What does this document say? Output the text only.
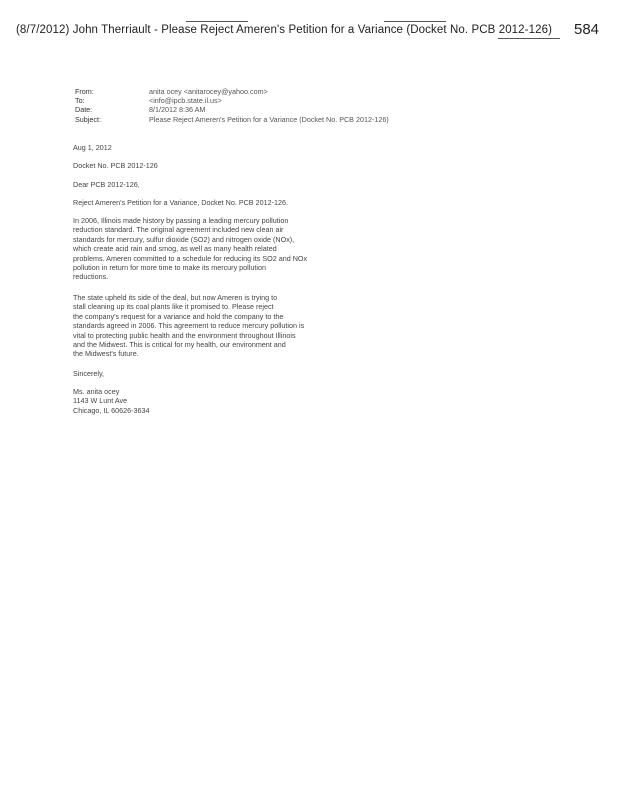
(8/7/2012) John Therriault - Please Reject Ameren's Petition for a Variance (Docket No. PCB 2012-126) 584
From:	anita ocey <anitarocey@yahoo.com>
To:	<info@ipcb.state.il.us>
Date:	8/1/2012 8:36 AM
Subject:	Please Reject Ameren's Petition for a Variance (Docket No. PCB 2012-126)
Aug 1, 2012
Docket No. PCB 2012-126
Dear PCB 2012-126,
Reject Ameren's Petition for a Variance, Docket No. PCB 2012-126.
In 2006, Illinois made history by passing a leading mercury pollution
reduction standard. The original agreement included new clean air
standards for mercury, sulfur dioxide (SO2) and nitrogen oxide (NOx),
which create acid rain and smog, as well as many health related
problems. Ameren committed to a schedule for reducing its SO2 and NOx
pollution in return for more time to make its mercury pollution
reductions.
The state upheld its side of the deal, but now Ameren is trying to
stall cleaning up its coal plants like it promised to. Please reject
the company's request for a variance and hold the company to the
standards agreed in 2006. This agreement to reduce mercury pollution is
vital to protecting public health and the environment throughout Illinois
and the Midwest. This is critical for my health, our environment and
the Midwest's future.
Sincerely,
Ms. anita ocey
1143 W Lunt Ave
Chicago, IL 60626-3634
